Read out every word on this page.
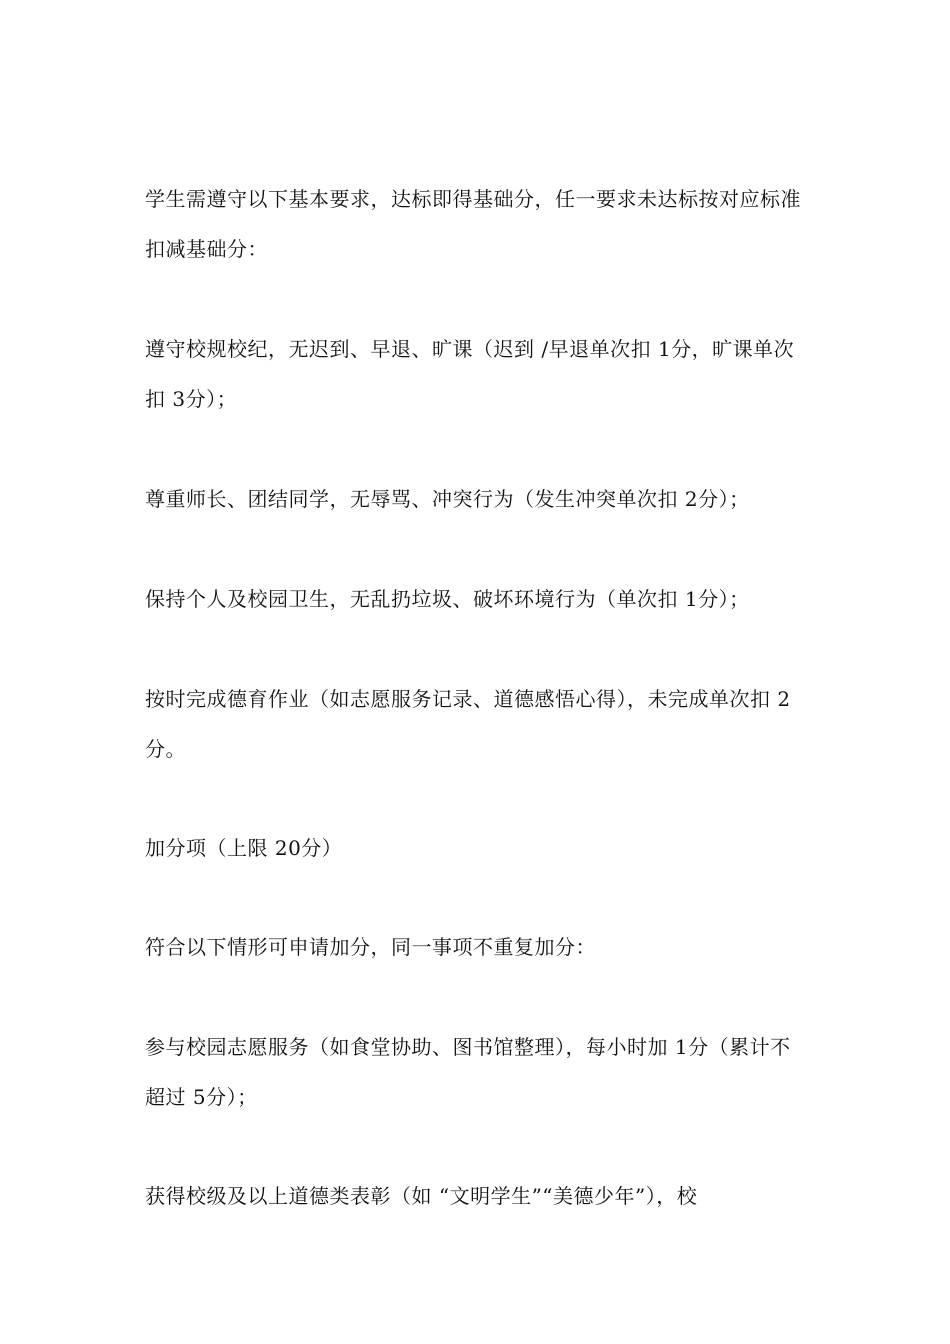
学生需遵守以下基本要求，达标即得基础分，任一要求未达标按对应标准扣减基础分：

遵守校规校纪，无迟到、早退、旷课（迟到 /早退单次扣 1分，旷课单次扣 3分）；

尊重师长、团结同学，无辱骂、冲突行为（发生冲突单次扣 2分）；

保持个人及校园卫生，无乱扔垃圾、破坏环境行为（单次扣 1分）；

按时完成德育作业（如志愿服务记录、道德感悟心得），未完成单次扣 2分。

加分项（上限 20分）

符合以下情形可申请加分，同一事项不重复加分：

参与校园志愿服务（如食堂协助、图书馆整理），每小时加 1分（累计不超过 5分）；

获得校级及以上道德类表彰（如 “文明学生”“美德少年”），校
